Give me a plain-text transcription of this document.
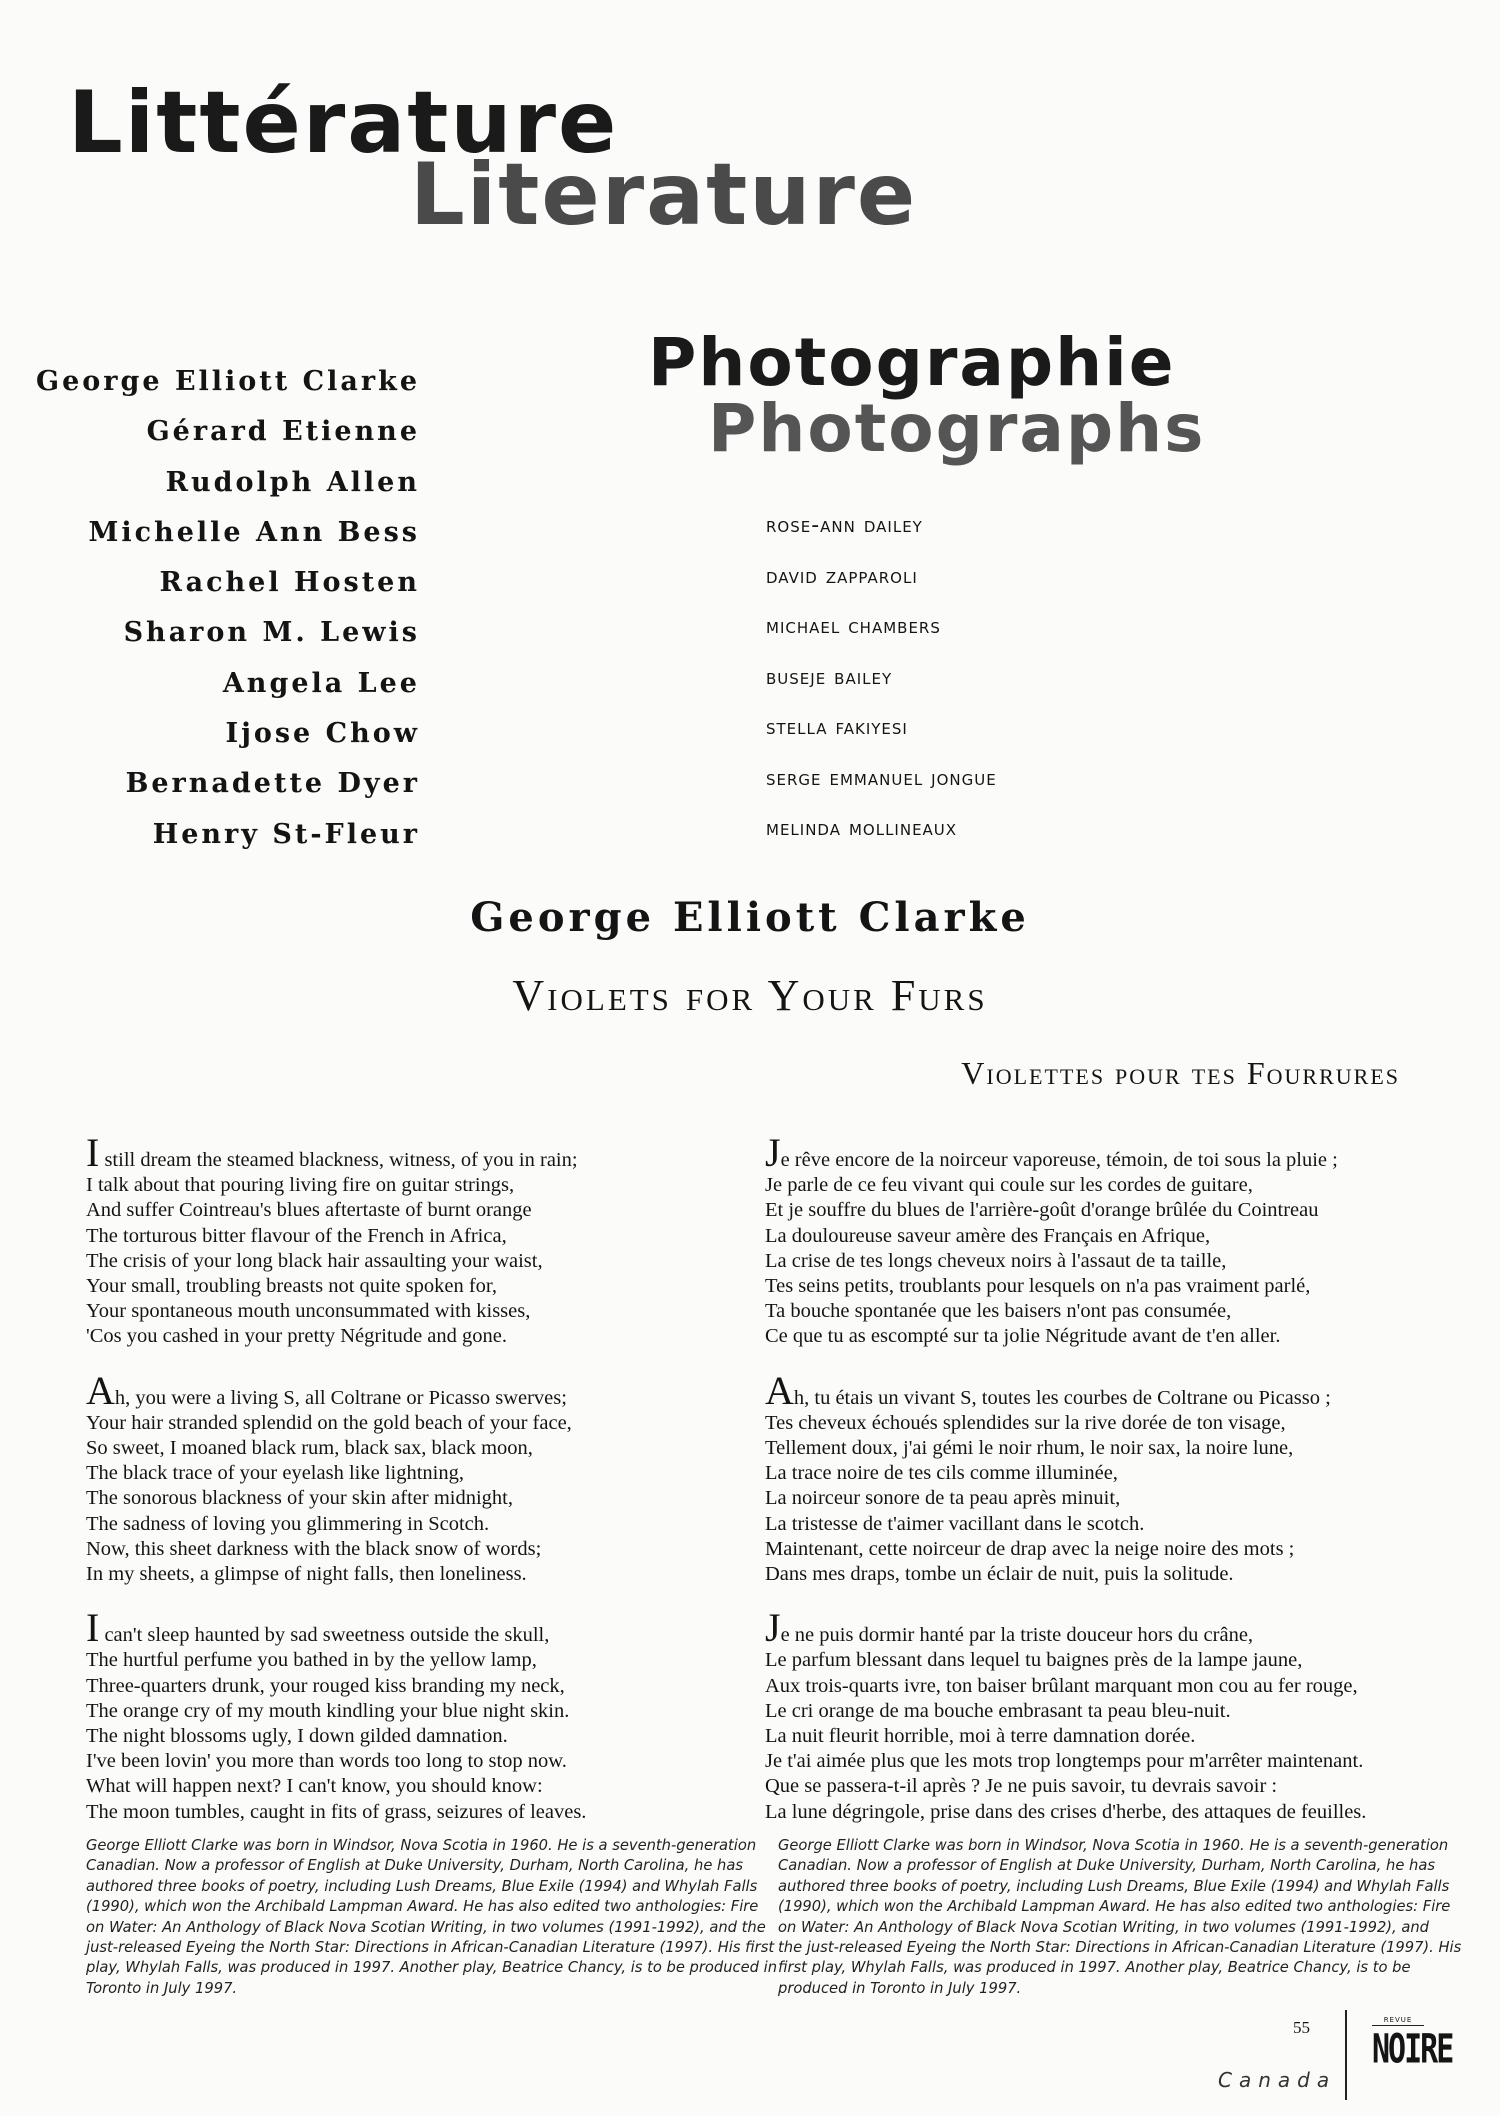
Littérature
Literature
George Elliott Clarke
Gérard Etienne
Rudolph Allen
Michelle Ann Bess
Rachel Hosten
Sharon M. Lewis
Angela Lee
Ijose Chow
Bernadette Dyer
Henry St-Fleur
Photographie
Photographs
rose-ann dailey
david zapparoli
michael chambers
buseje bailey
stella fakiyesi
serge emmanuel jongue
melinda mollineaux
George Elliott Clarke
Violets for Your Furs
Violettes pour tes Fourrures
I still dream the steamed blackness, witness, of you in rain;
I talk about that pouring living fire on guitar strings,
And suffer Cointreau's blues aftertaste of burnt orange
The torturous bitter flavour of the French in Africa,
The crisis of your long black hair assaulting your waist,
Your small, troubling breasts not quite spoken for,
Your spontaneous mouth unconsummated with kisses,
'Cos you cashed in your pretty Négritude and gone.
Ah, you were a living S, all Coltrane or Picasso swerves;
Your hair stranded splendid on the gold beach of your face,
So sweet, I moaned black rum, black sax, black moon,
The black trace of your eyelash like lightning,
The sonorous blackness of your skin after midnight,
The sadness of loving you glimmering in Scotch.
Now, this sheet darkness with the black snow of words;
In my sheets, a glimpse of night falls, then loneliness.
I can't sleep haunted by sad sweetness outside the skull,
The hurtful perfume you bathed in by the yellow lamp,
Three-quarters drunk, your rouged kiss branding my neck,
The orange cry of my mouth kindling your blue night skin.
The night blossoms ugly, I down gilded damnation.
I've been lovin' you more than words too long to stop now.
What will happen next? I can't know, you should know:
The moon tumbles, caught in fits of grass, seizures of leaves.
Je rêve encore de la noirceur vaporeuse, témoin, de toi sous la pluie ;
Je parle de ce feu vivant qui coule sur les cordes de guitare,
Et je souffre du blues de l'arrière-goût d'orange brûlée du Cointreau
La douloureuse saveur amère des Français en Afrique,
La crise de tes longs cheveux noirs à l'assaut de ta taille,
Tes seins petits, troublants pour lesquels on n'a pas vraiment parlé,
Ta bouche spontanée que les baisers n'ont pas consumée,
Ce que tu as escompté sur ta jolie Négritude avant de t'en aller.
Ah, tu étais un vivant S, toutes les courbes de Coltrane ou Picasso ;
Tes cheveux échoués splendides sur la rive dorée de ton visage,
Tellement doux, j'ai gémi le noir rhum, le noir sax, la noire lune,
La trace noire de tes cils comme illuminée,
La noirceur sonore de ta peau après minuit,
La tristesse de t'aimer vacillant dans le scotch.
Maintenant, cette noirceur de drap avec la neige noire des mots ;
Dans mes draps, tombe un éclair de nuit, puis la solitude.
Je ne puis dormir hanté par la triste douceur hors du crâne,
Le parfum blessant dans lequel tu baignes près de la lampe jaune,
Aux trois-quarts ivre, ton baiser brûlant marquant mon cou au fer rouge,
Le cri orange de ma bouche embrasant ta peau bleu-nuit.
La nuit fleurit horrible, moi à terre damnation dorée.
Je t'ai aimée plus que les mots trop longtemps pour m'arrêter maintenant.
Que se passera-t-il après ? Je ne puis savoir, tu devrais savoir :
La lune dégringole, prise dans des crises d'herbe, des attaques de feuilles.
George Elliott Clarke was born in Windsor, Nova Scotia in 1960. He is a seventh-generation
Canadian. Now a professor of English at Duke University, Durham, North Carolina, he has
authored three books of poetry, including Lush Dreams, Blue Exile (1994) and Whylah Falls
(1990), which won the Archibald Lampman Award. He has also edited two anthologies: Fire
on Water: An Anthology of Black Nova Scotian Writing, in two volumes (1991-1992), and the
just-released Eyeing the North Star: Directions in African-Canadian Literature (1997). His first
play, Whylah Falls, was produced in 1997. Another play, Beatrice Chancy, is to be produced in
Toronto in July 1997.
George Elliott Clarke was born in Windsor, Nova Scotia in 1960. He is a seventh-generation
Canadian. Now a professor of English at Duke University, Durham, North Carolina, he has
authored three books of poetry, including Lush Dreams, Blue Exile (1994) and Whylah Falls
(1990), which won the Archibald Lampman Award. He has also edited two anthologies: Fire
on Water: An Anthology of Black Nova Scotian Writing, in two volumes (1991-1992), and
the just-released Eyeing the North Star: Directions in African-Canadian Literature (1997). His
first play, Whylah Falls, was produced in 1997. Another play, Beatrice Chancy, is to be
produced in Toronto in July 1997.
55
Canada
REVUE
NOIRE
